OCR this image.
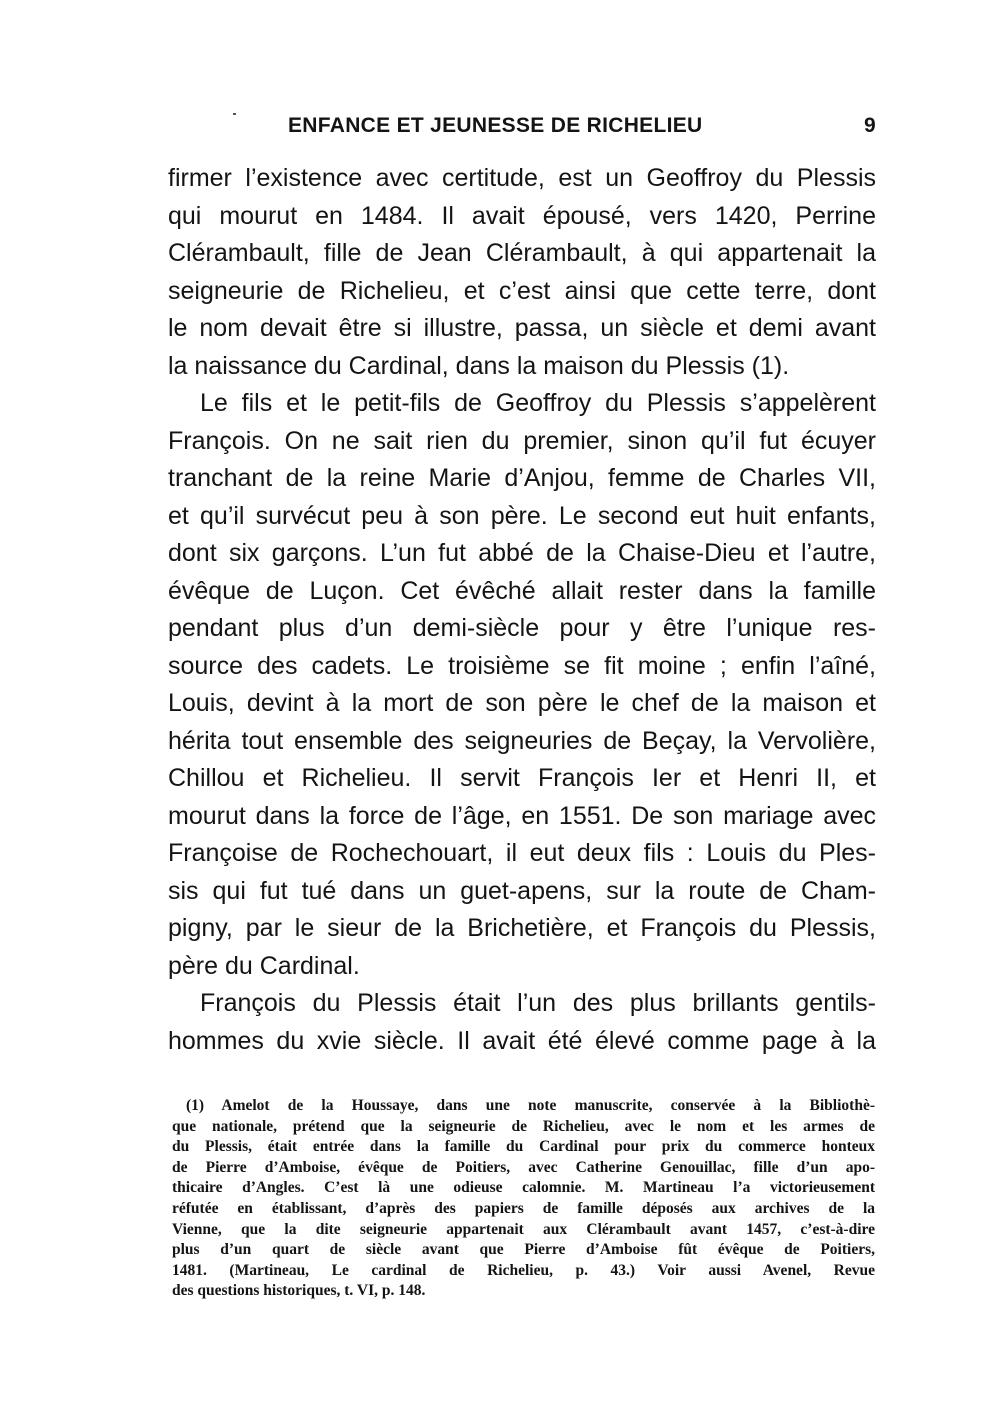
ENFANCE ET JEUNESSE DE RICHELIEU	9
firmer l’existence avec certitude, est un Geoffroy du Plessis
qui mourut en 1484. Il avait épousé, vers 1420, Perrine
Clérambault, fille de Jean Clérambault, à qui appartenait la
seigneurie de Richelieu, et c’est ainsi que cette terre, dont
le nom devait être si illustre, passa, un siècle et demi avant
la naissance du Cardinal, dans la maison du Plessis (1).
Le fils et le petit-fils de Geoffroy du Plessis s’appelèrent
François. On ne sait rien du premier, sinon qu’il fut écuyer
tranchant de la reine Marie d’Anjou, femme de Charles VII,
et qu’il survécut peu à son père. Le second eut huit enfants,
dont six garçons. L’un fut abbé de la Chaise-Dieu et l’autre,
évêque de Luçon. Cet évêché allait rester dans la famille
pendant plus d’un demi-siècle pour y être l’unique res-
source des cadets. Le troisième se fit moine ; enfin l’aîné,
Louis, devint à la mort de son père le chef de la maison et
hérita tout ensemble des seigneuries de Beçay, la Vervolière,
Chillou et Richelieu. Il servit François Ier et Henri II, et
mourut dans la force de l’âge, en 1551. De son mariage avec
Françoise de Rochechouart, il eut deux fils : Louis du Ples-
sis qui fut tué dans un guet-apens, sur la route de Cham-
pigny, par le sieur de la Brichetière, et François du Plessis,
père du Cardinal.
François du Plessis était l’un des plus brillants gentils-
hommes du xvie siècle. Il avait été élevé comme page à la
(1) Amelot de la Houssaye, dans une note manuscrite, conservée à la Bibliothè-
que nationale, prétend que la seigneurie de Richelieu, avec le nom et les armes de
du Plessis, était entrée dans la famille du Cardinal pour prix du commerce honteux
de Pierre d’Amboise, évêque de Poitiers, avec Catherine Genouillac, fille d’un apo-
thicaire d’Angles. C’est là une odieuse calomnie. M. Martineau l’a victorieusement
réfutée en établissant, d’après des papiers de famille déposés aux archives de la
Vienne, que la dite seigneurie appartenait aux Clérambault avant 1457, c’est-à-dire
plus d’un quart de siècle avant que Pierre d’Amboise fût évêque de Poitiers,
1481. (Martineau, Le cardinal de Richelieu, p. 43.) Voir aussi Avenel, Revue
des questions historiques, t. VI, p. 148.
